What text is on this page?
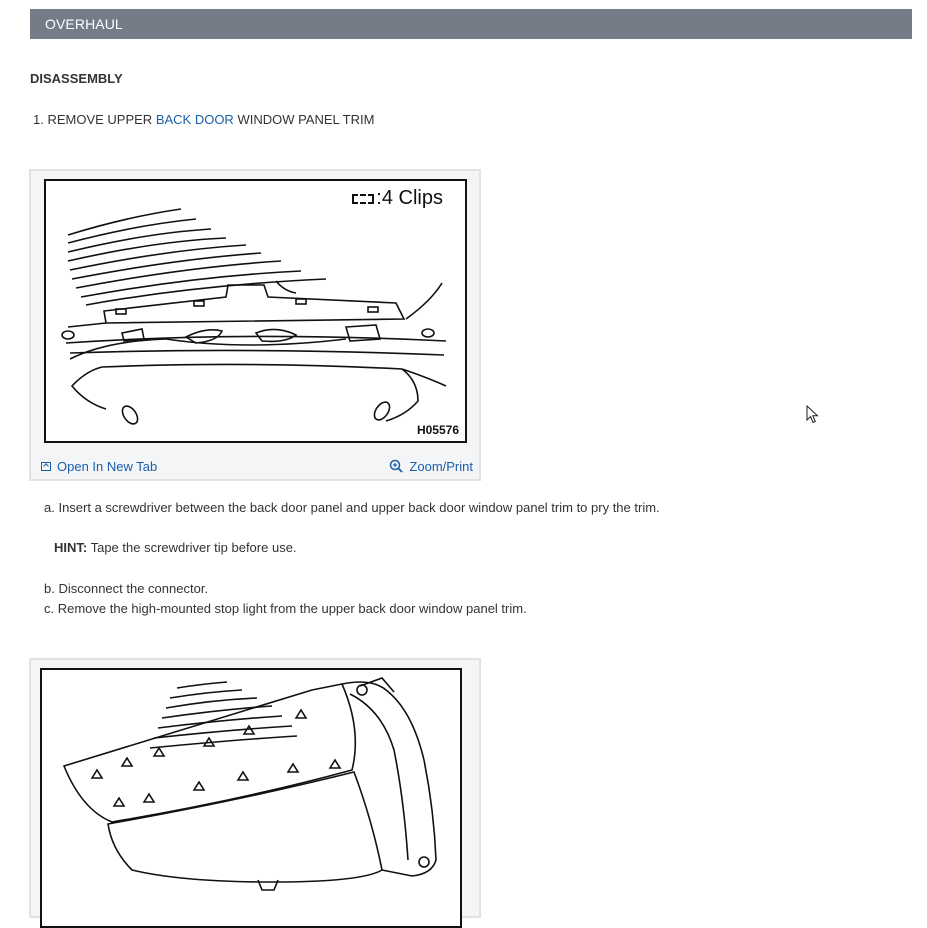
OVERHAUL
DISASSEMBLY
1. REMOVE UPPER BACK DOOR WINDOW PANEL TRIM
:4 Clips
H05576
Open In New Tab	Zoom/Print
a. Insert a screwdriver between the back door panel and upper back door window panel trim to pry the trim.
HINT: Tape the screwdriver tip before use.
b. Disconnect the connector.
c. Remove the high-mounted stop light from the upper back door window panel trim.
